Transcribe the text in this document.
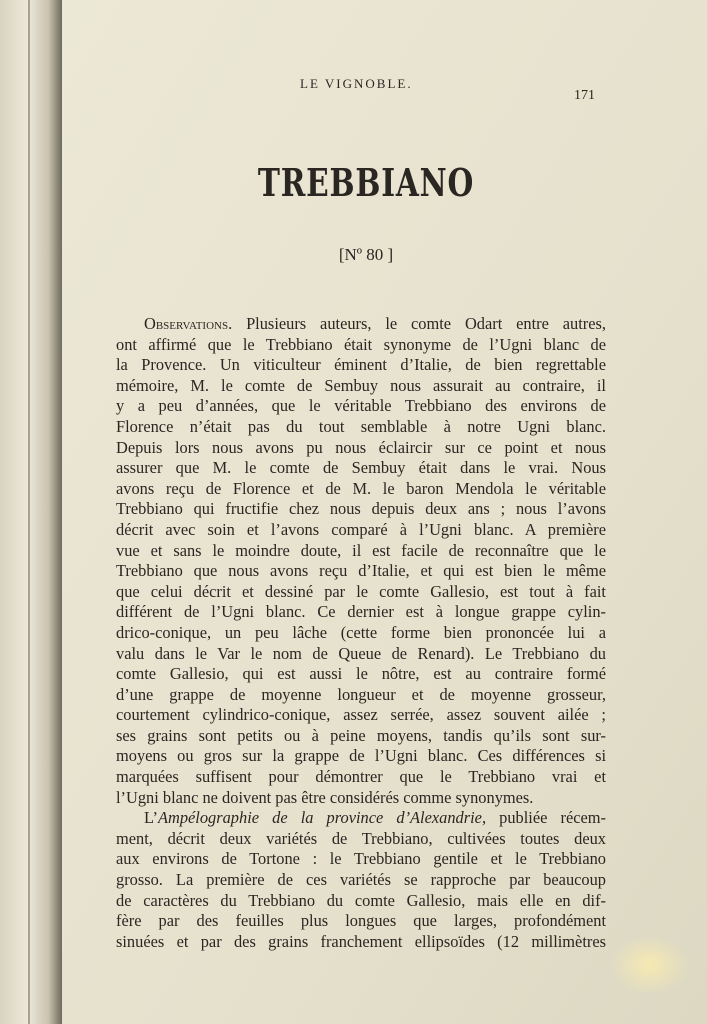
LE VIGNOBLE.
171
TREBBIANO
[Nº 80 ]
Observations. Plusieurs auteurs, le comte Odart entre autres,
ont affirmé que le Trebbiano était synonyme de l’Ugni blanc de
la Provence. Un viticulteur éminent d’Italie, de bien regrettable
mémoire, M. le comte de Sembuy nous assurait au contraire, il
y a peu d’années, que le véritable Trebbiano des environs de
Florence n’était pas du tout semblable à notre Ugni blanc.
Depuis lors nous avons pu nous éclaircir sur ce point et nous
assurer que M. le comte de Sembuy était dans le vrai. Nous
avons reçu de Florence et de M. le baron Mendola le véritable
Trebbiano qui fructifie chez nous depuis deux ans ; nous l’avons
décrit avec soin et l’avons comparé à l’Ugni blanc. A première
vue et sans le moindre doute, il est facile de reconnaître que le
Trebbiano que nous avons reçu d’Italie, et qui est bien le même
que celui décrit et dessiné par le comte Gallesio, est tout à fait
différent de l’Ugni blanc. Ce dernier est à longue grappe cylin-
drico-conique, un peu lâche (cette forme bien prononcée lui a
valu dans le Var le nom de Queue de Renard). Le Trebbiano du
comte Gallesio, qui est aussi le nôtre, est au contraire formé
d’une grappe de moyenne longueur et de moyenne grosseur,
courtement cylindrico-conique, assez serrée, assez souvent ailée ;
ses grains sont petits ou à peine moyens, tandis qu’ils sont sur-
moyens ou gros sur la grappe de l’Ugni blanc. Ces différences si
marquées suffisent pour démontrer que le Trebbiano vrai et
l’Ugni blanc ne doivent pas être considérés comme synonymes.
L’Ampélographie de la province d’Alexandrie, publiée récem-
ment, décrit deux variétés de Trebbiano, cultivées toutes deux
aux environs de Tortone : le Trebbiano gentile et le Trebbiano
grosso. La première de ces variétés se rapproche par beaucoup
de caractères du Trebbiano du comte Gallesio, mais elle en dif-
fère par des feuilles plus longues que larges, profondément
sinuées et par des grains franchement ellipsoïdes (12 millimètres
